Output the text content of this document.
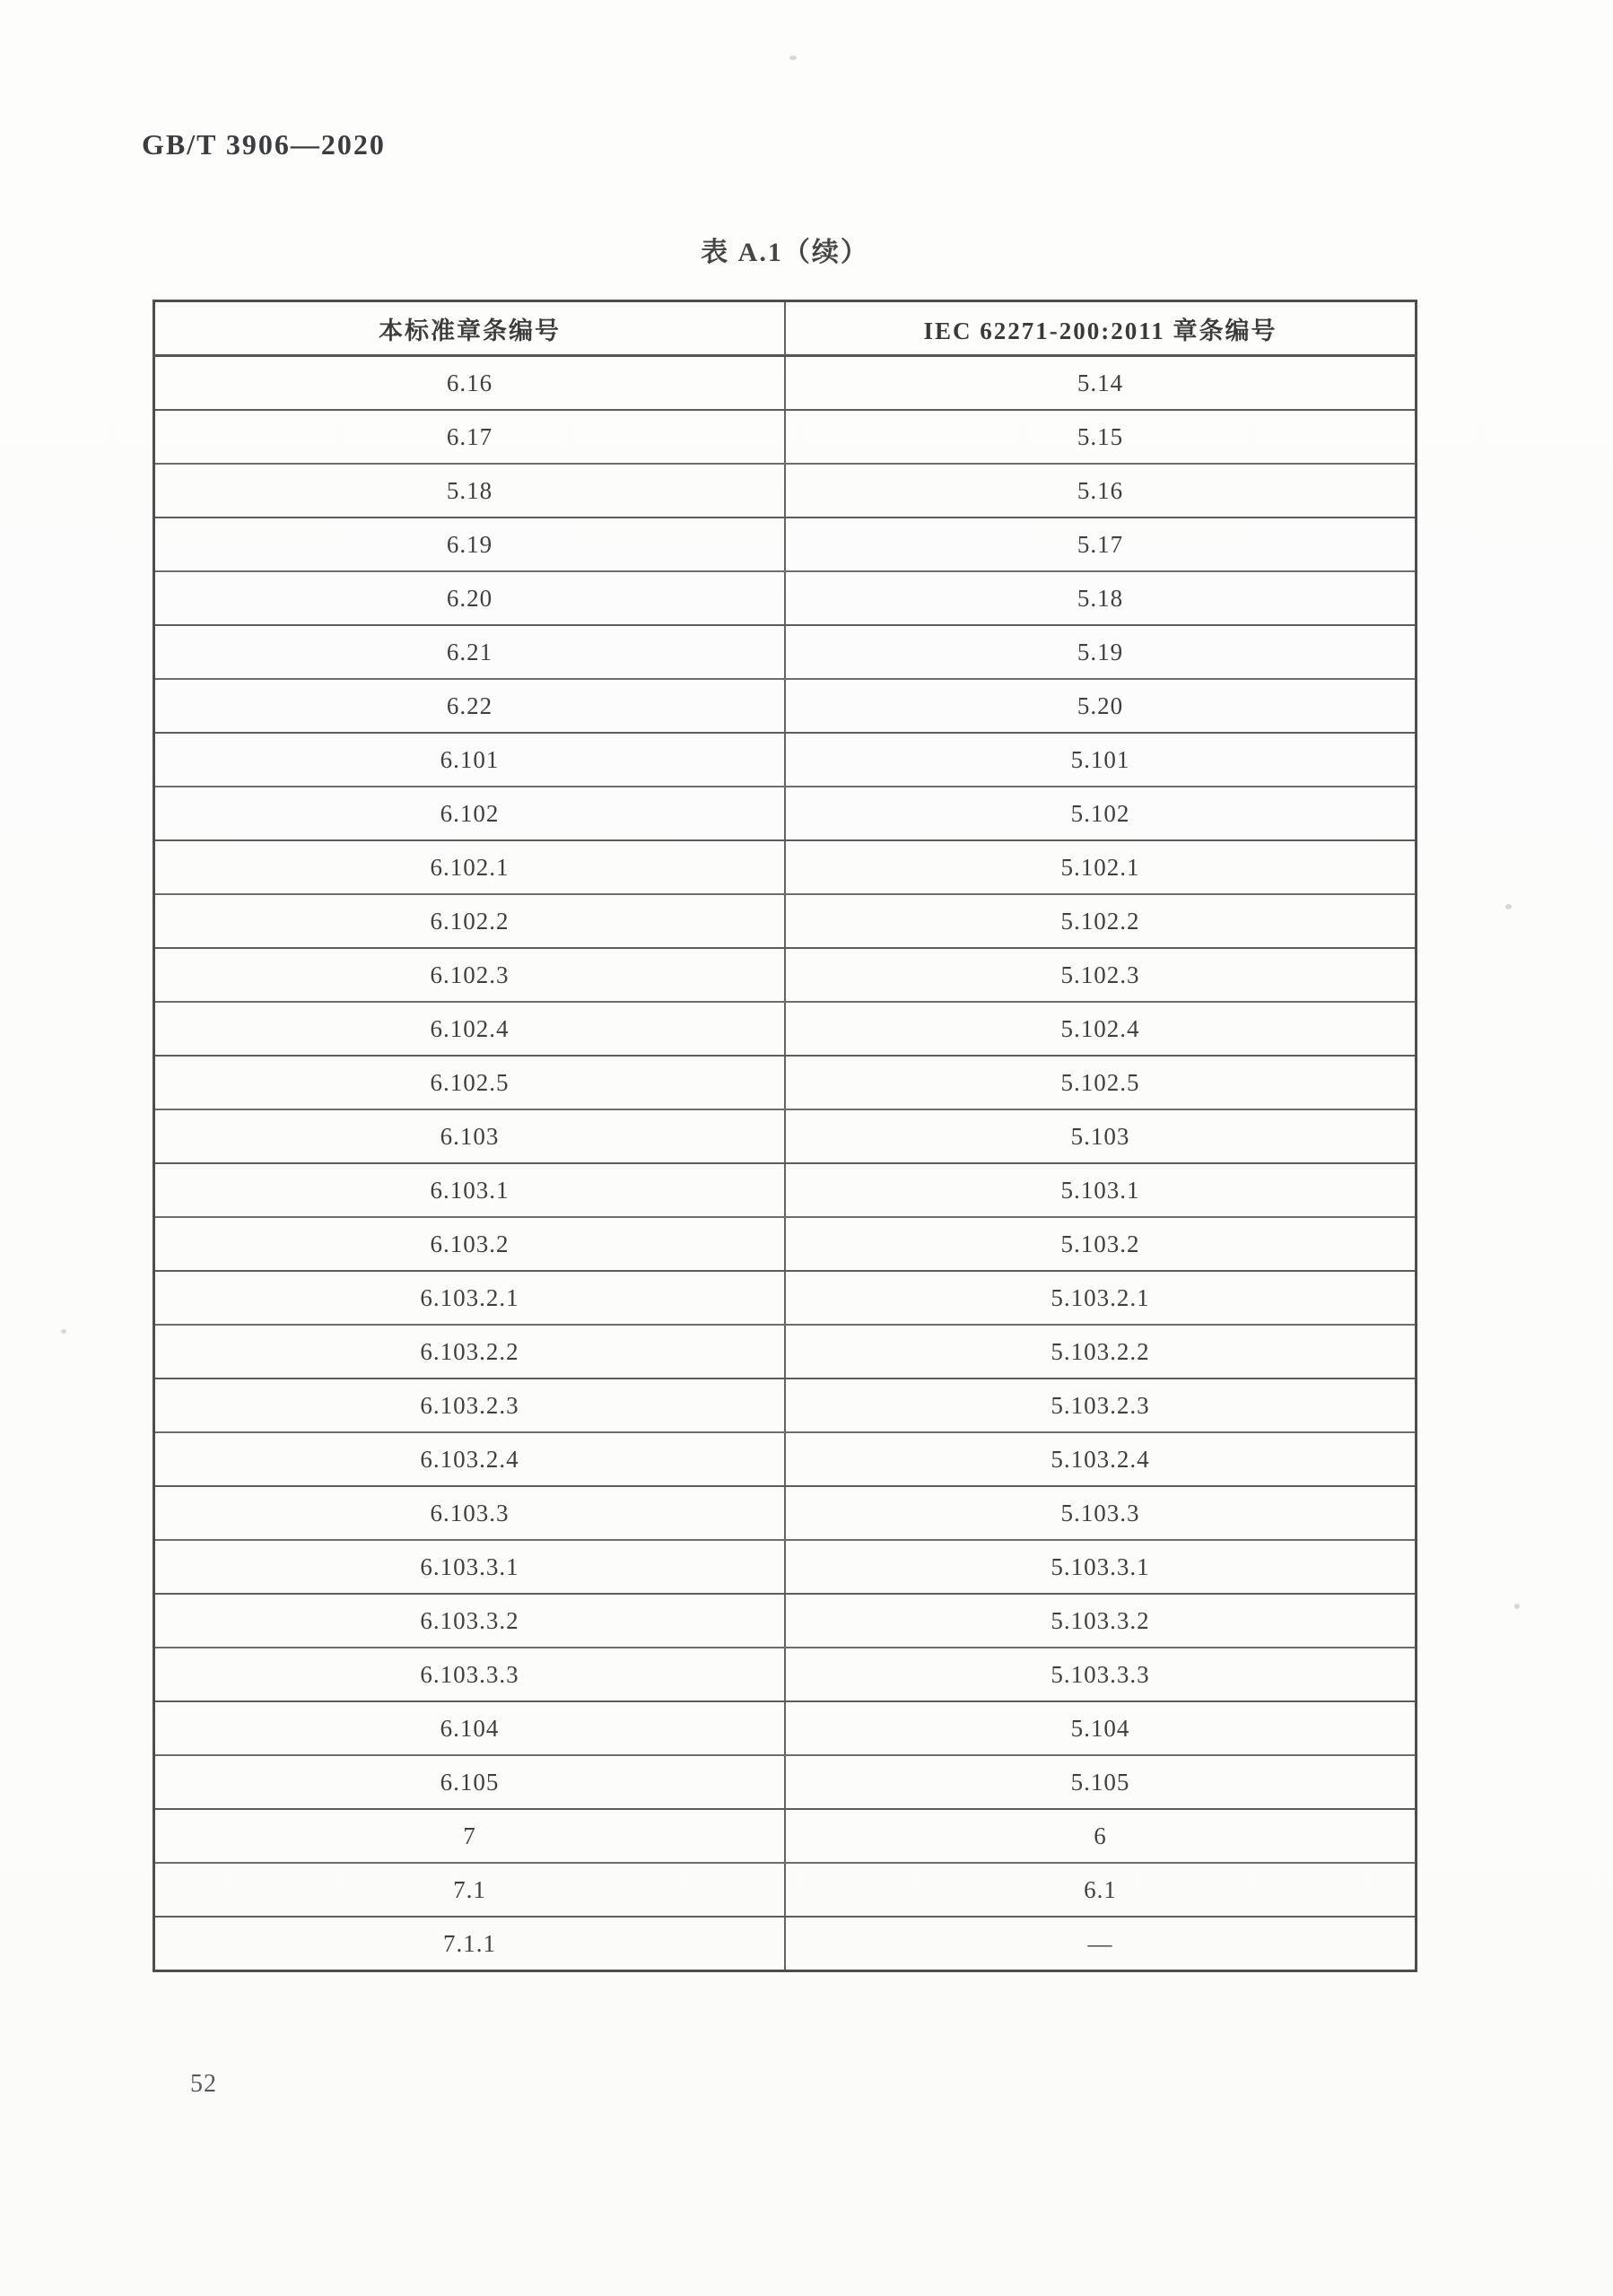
GB/T 3906—2020
表 A.1（续）
本标准章条编号	IEC 62271-200:2011 章条编号
6.16	5.14
6.17	5.15
5.18	5.16
6.19	5.17
6.20	5.18
6.21	5.19
6.22	5.20
6.101	5.101
6.102	5.102
6.102.1	5.102.1
6.102.2	5.102.2
6.102.3	5.102.3
6.102.4	5.102.4
6.102.5	5.102.5
6.103	5.103
6.103.1	5.103.1
6.103.2	5.103.2
6.103.2.1	5.103.2.1
6.103.2.2	5.103.2.2
6.103.2.3	5.103.2.3
6.103.2.4	5.103.2.4
6.103.3	5.103.3
6.103.3.1	5.103.3.1
6.103.3.2	5.103.3.2
6.103.3.3	5.103.3.3
6.104	5.104
6.105	5.105
7	6
7.1	6.1
7.1.1	—
52
